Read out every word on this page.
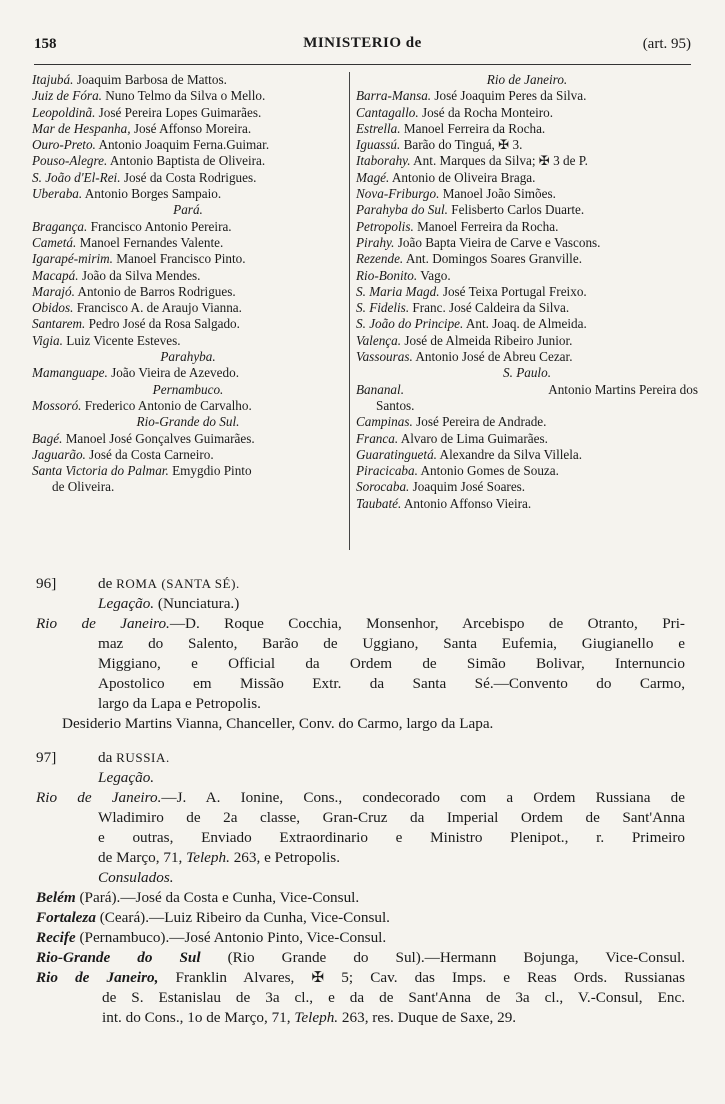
158	MINISTERIO de	(art. 95)
Itajubá. Joaquim Barbosa de Mattos.
Juiz de Fóra. Nuno Telmo da Silva o Mello.
Leopoldinã. José Pereira Lopes Guimarães.
Mar de Hespanha, José Affonso Moreira.
Ouro-Preto. Antonio Joaquim Ferna.Guimar.
Pouso-Alegre. Antonio Baptista de Oliveira.
S. João d'El-Rei. José da Costa Rodrigues.
Uberaba. Antonio Borges Sampaio.
Pará.
Bragança. Francisco Antonio Pereira.
Cametá. Manoel Fernandes Valente.
Igarapé-mirim. Manoel Francisco Pinto.
Macapá. João da Silva Mendes.
Marajó. Antonio de Barros Rodrigues.
Obidos. Francisco A. de Araujo Vianna.
Santarem. Pedro José da Rosa Salgado.
Vigia. Luiz Vicente Esteves.
Parahyba.
Mamanguape. João Vieira de Azevedo.
Pernambuco.
Mossoró. Frederico Antonio de Carvalho.
Rio-Grande do Sul.
Bagé. Manoel José Gonçalves Guimarães.
Jaguarão. José da Costa Carneiro.
Santa Victoria do Palmar. Emygdio Pinto
de Oliveira.
Rio de Janeiro.
Barra-Mansa. José Joaquim Peres da Silva.
Cantagallo. José da Rocha Monteiro.
Estrella. Manoel Ferreira da Rocha.
Iguassú. Barão do Tinguá, ✠ 3.
Itaborahy. Ant. Marques da Silva; ✠ 3 de P.
Magé. Antonio de Oliveira Braga.
Nova-Friburgo. Manoel João Simões.
Parahyba do Sul. Felisberto Carlos Duarte.
Petropolis. Manoel Ferreira da Rocha.
Pirahy. João Bapta Vieira de Carve e Vascons.
Rezende. Ant. Domingos Soares Granville.
Rio-Bonito. Vago.
S. Maria Magd. José Teixa Portugal Freixo.
S. Fidelis. Franc. José Caldeira da Silva.
S. João do Principe. Ant. Joaq. de Almeida.
Valença. José de Almeida Ribeiro Junior.
Vassouras. Antonio José de Abreu Cezar.
S. Paulo.
Bananal.	Antonio Martins Pereira dos
Santos.
Campinas. José Pereira de Andrade.
Franca. Alvaro de Lima Guimarães.
Guaratinguetá. Alexandre da Silva Villela.
Piracicaba. Antonio Gomes de Souza.
Sorocaba. Joaquim José Soares.
Taubaté. Antonio Affonso Vieira.
96]	de ROMA (SANTA SÉ).
Legação. (Nunciatura.)
Rio de Janeiro.—D. Roque Cocchia, Monsenhor, Arcebispo de Otranto, Pri-
maz do Salento, Barão de Uggiano, Santa Eufemia, Giugianello e
Miggiano, e Official da Ordem de Simão Bolivar, Internuncio
Apostolico em Missão Extr. da Santa Sé.—Convento do Carmo,
largo da Lapa e Petropolis.
Desiderio Martins Vianna, Chanceller, Conv. do Carmo, largo da Lapa.
97]	da RUSSIA.
Legação.
Rio de Janeiro.—J. A. Ionine, Cons., condecorado com a Ordem Russiana de
Wladimiro de 2a classe, Gran-Cruz da Imperial Ordem de Sant'Anna
e outras, Enviado Extraordinario e Ministro Plenipot., r. Primeiro
de Março, 71, Teleph. 263, e Petropolis.
Consulados.
Belém (Pará).—José da Costa e Cunha, Vice-Consul.
Fortaleza (Ceará).—Luiz Ribeiro da Cunha, Vice-Consul.
Recife (Pernambuco).—José Antonio Pinto, Vice-Consul.
Rio-Grande do Sul (Rio Grande do Sul).—Hermann Bojunga, Vice-Consul.
Rio de Janeiro, Franklin Alvares, ✠ 5; Cav. das Imps. e Reas Ords. Russianas
de S. Estanislau de 3a cl., e da de Sant'Anna de 3a cl., V.-Consul, Enc.
int. do Cons., 1o de Março, 71, Teleph. 263, res. Duque de Saxe, 29.
